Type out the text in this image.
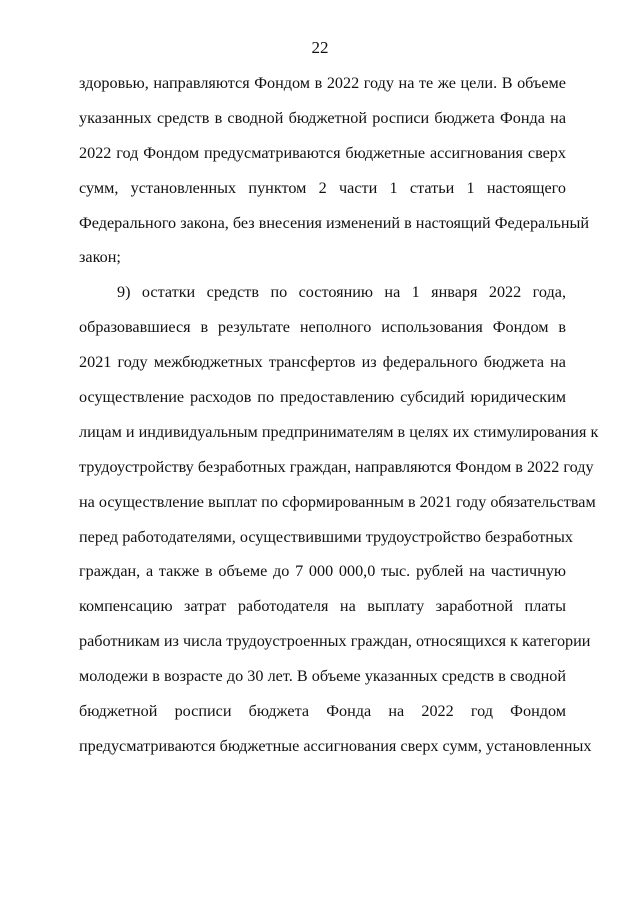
22
здоровью, направляются Фондом в 2022 году на те же цели. В объеме
указанных средств в сводной бюджетной росписи бюджета Фонда на
2022 год Фондом предусматриваются бюджетные ассигнования сверх
сумм, установленных пунктом 2 части 1 статьи 1 настоящего
Федерального закона, без внесения изменений в настоящий Федеральный
закон;
9) остатки средств по состоянию на 1 января 2022 года,
образовавшиеся в результате неполного использования Фондом в
2021 году межбюджетных трансфертов из федерального бюджета на
осуществление расходов по предоставлению субсидий юридическим
лицам и индивидуальным предпринимателям в целях их стимулирования к
трудоустройству безработных граждан, направляются Фондом в 2022 году
на осуществление выплат по сформированным в 2021 году обязательствам
перед работодателями, осуществившими трудоустройство безработных
граждан, а также в объеме до 7 000 000,0 тыс. рублей на частичную
компенсацию затрат работодателя на выплату заработной платы
работникам из числа трудоустроенных граждан, относящихся к категории
молодежи в возрасте до 30 лет. В объеме указанных средств в сводной
бюджетной росписи бюджета Фонда на 2022 год Фондом
предусматриваются бюджетные ассигнования сверх сумм, установленных
